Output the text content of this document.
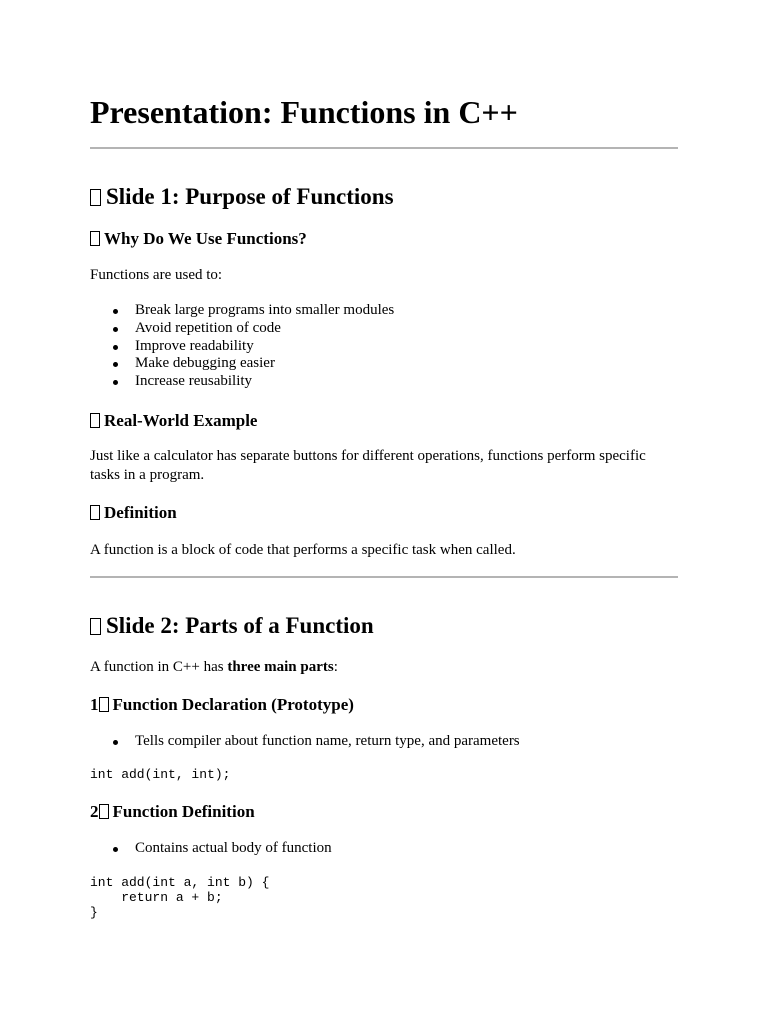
Presentation: Functions in C++
Slide 1: Purpose of Functions
Why Do We Use Functions?

Functions are used to:

Break large programs into smaller modules
Avoid repetition of code
Improve readability
Make debugging easier
Increase reusability
Real-World Example

Just like a calculator has separate buttons for different operations, functions perform specific tasks in a program.

Definition

A function is a block of code that performs a specific task when called.

Slide 2: Parts of a Function

A function in C++ has three main parts:

1 Function Declaration (Prototype)
Tells compiler about function name, return type, and parameters
int add(int, int);
2 Function Definition
Contains actual body of function
int add(int a, int b) {
return a + b;
}
